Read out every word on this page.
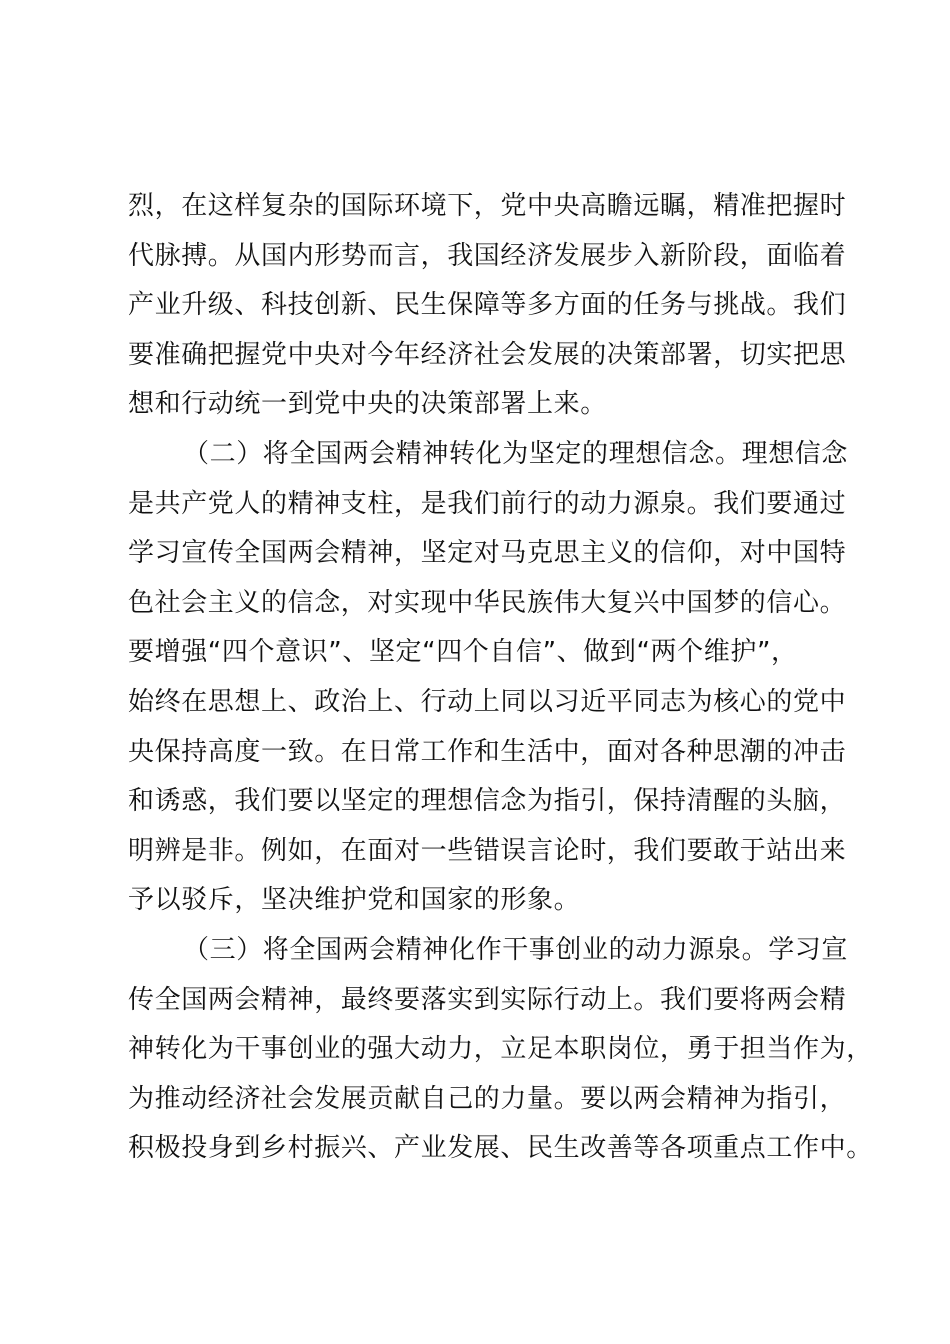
烈，在这样复杂的国际环境下，党中央高瞻远瞩，精准把握时
代脉搏。从国内形势而言，我国经济发展步入新阶段，面临着
产业升级、科技创新、民生保障等多方面的任务与挑战。我们
要准确把握党中央对今年经济社会发展的决策部署，切实把思
想和行动统一到党中央的决策部署上来。
（二）将全国两会精神转化为坚定的理想信念。理想信念
是共产党人的精神支柱，是我们前行的动力源泉。我们要通过
学习宣传全国两会精神，坚定对马克思主义的信仰，对中国特
色社会主义的信念，对实现中华民族伟大复兴中国梦的信心。
要增强“四个意识”、坚定“四个自信”、做到“两个维护”，
始终在思想上、政治上、行动上同以习近平同志为核心的党中
央保持高度一致。在日常工作和生活中，面对各种思潮的冲击
和诱惑，我们要以坚定的理想信念为指引，保持清醒的头脑，
明辨是非。例如，在面对一些错误言论时，我们要敢于站出来
予以驳斥，坚决维护党和国家的形象。
（三）将全国两会精神化作干事创业的动力源泉。学习宣
传全国两会精神，最终要落实到实际行动上。我们要将两会精
神转化为干事创业的强大动力，立足本职岗位，勇于担当作为，
为推动经济社会发展贡献自己的力量。要以两会精神为指引，
积极投身到乡村振兴、产业发展、民生改善等各项重点工作中。
